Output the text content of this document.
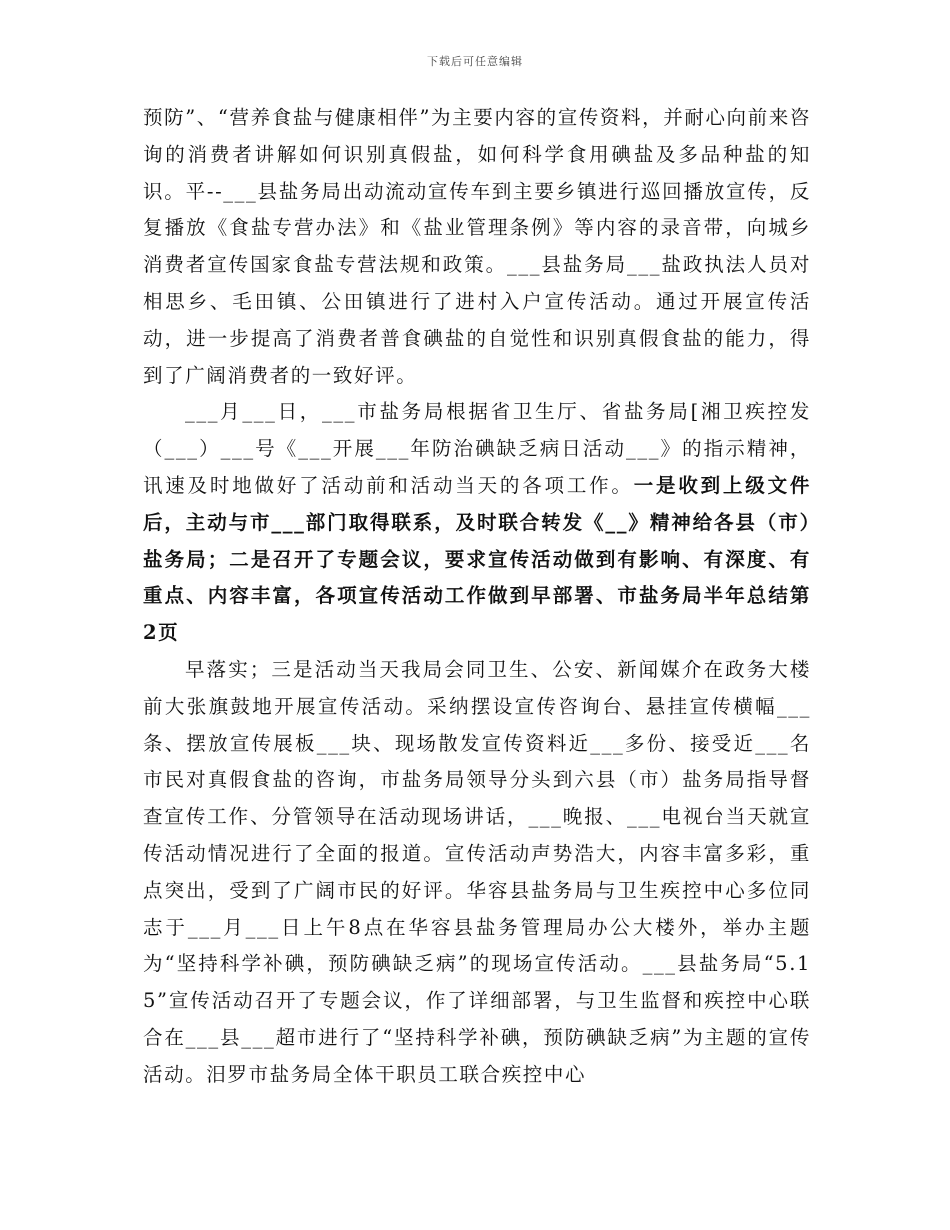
下载后可任意编辑

预防”、“营养食盐与健康相伴”为主要内容的宣传资料，并耐心向前来咨询的消费者讲解如何识别真假盐，如何科学食用碘盐及多品种盐的知识。平--___县盐务局出动流动宣传车到主要乡镇进行巡回播放宣传，反复播放《食盐专营办法》和《盐业管理条例》等内容的录音带，向城乡消费者宣传国家食盐专营法规和政策。___县盐务局___盐政执法人员对相思乡、毛田镇、公田镇进行了进村入户宣传活动。通过开展宣传活动，进一步提高了消费者普食碘盐的自觉性和识别真假食盐的能力，得到了广阔消费者的一致好评。

___月___日，___市盐务局根据省卫生厅、省盐务局[湘卫疾控发（___）___号《___开展___年防治碘缺乏病日活动___》的指示精神，讯速及时地做好了活动前和活动当天的各项工作。一是收到上级文件后，主动与市___部门取得联系，及时联合转发《__》精神给各县（市）盐务局；二是召开了专题会议，要求宣传活动做到有影响、有深度、有重点、内容丰富，各项宣传活动工作做到早部署、市盐务局半年总结第2页

早落实；三是活动当天我局会同卫生、公安、新闻媒介在政务大楼前大张旗鼓地开展宣传活动。采纳摆设宣传咨询台、悬挂宣传横幅___条、摆放宣传展板___块、现场散发宣传资料近___多份、接受近___名市民对真假食盐的咨询，市盐务局领导分头到六县（市）盐务局指导督查宣传工作、分管领导在活动现场讲话，___晚报、___电视台当天就宣传活动情况进行了全面的报道。宣传活动声势浩大，内容丰富多彩，重点突出，受到了广阔市民的好评。华容县盐务局与卫生疾控中心多位同志于___月___日上午8点在华容县盐务管理局办公大楼外，举办主题为“坚持科学补碘，预防碘缺乏病”的现场宣传活动。___县盐务局“5.15”宣传活动召开了专题会议，作了详细部署，与卫生监督和疾控中心联合在___县___超市进行了“坚持科学补碘，预防碘缺乏病”为主题的宣传活动。汨罗市盐务局全体干职员工联合疾控中心
